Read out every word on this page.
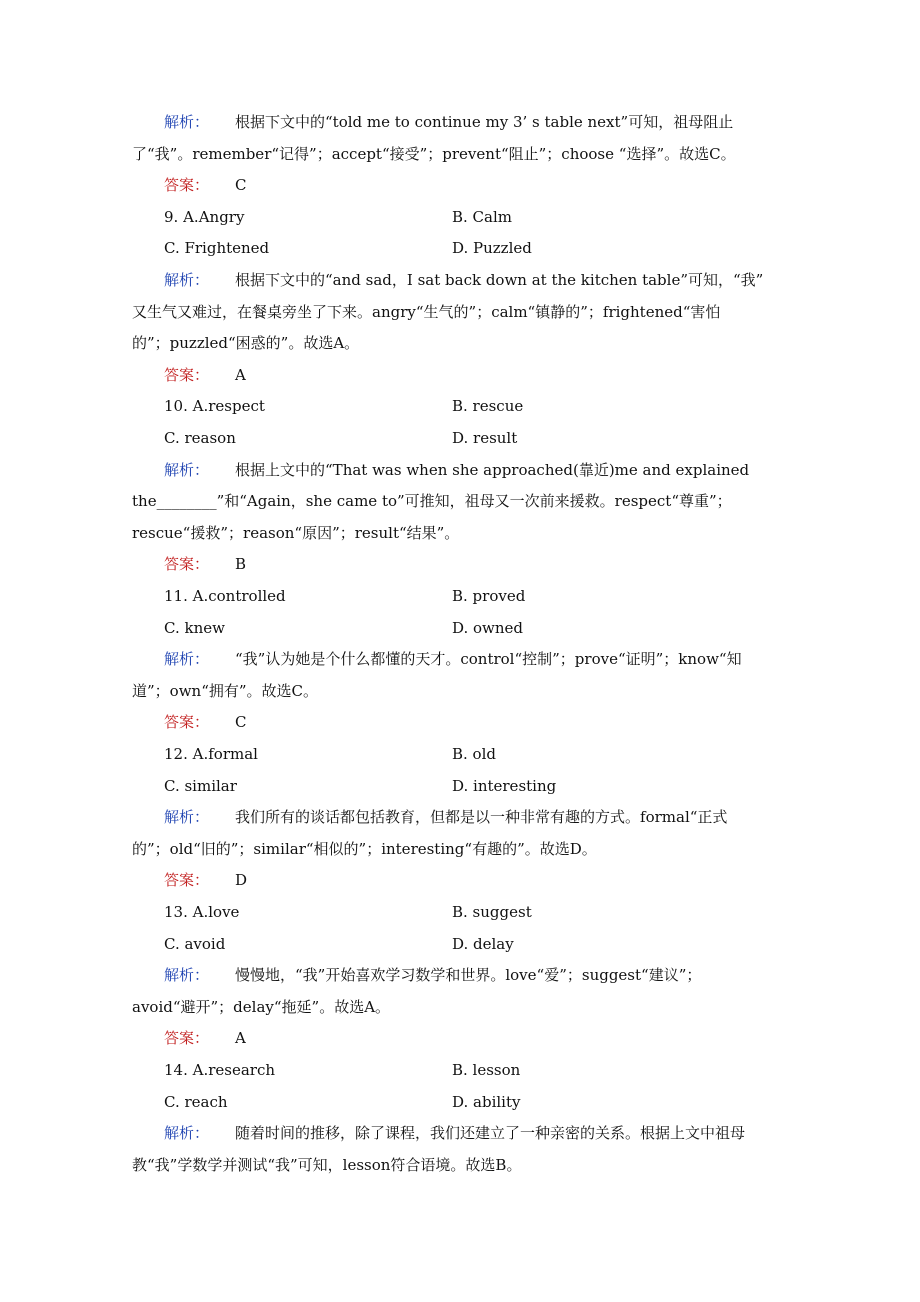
解析： 根据下文中的“told me to continue my 3’ s table next”可知，祖母阻止
了“我”。remember“记得”；accept“接受”；prevent“阻止”；choose “选择”。故选C。
答案： C
9. A.Angry	B. Calm
C. Frightened	D. Puzzled
解析： 根据下文中的“and sad，I sat back down at the kitchen table”可知，“我”
又生气又难过，在餐桌旁坐了下来。angry“生气的”；calm“镇静的”；frightened“害怕
的”；puzzled“困惑的”。故选A。
答案： A
10. A.respect	B. rescue
C. reason	D. result
解析： 根据上文中的“That was when she approached(靠近)me and explained
the________”和“Again，she came to”可推知，祖母又一次前来援救。respect“尊重”；
rescue“援救”；reason“原因”；result“结果”。
答案： B
11. A.controlled	B. proved
C. knew	D. owned
解析： “我”认为她是个什么都懂的天才。control“控制”；prove“证明”；know“知
道”；own“拥有”。故选C。
答案： C
12. A.formal	B. old
C. similar	D. interesting
解析： 我们所有的谈话都包括教育，但都是以一种非常有趣的方式。formal“正式
的”；old“旧的”；similar“相似的”；interesting“有趣的”。故选D。
答案： D
13. A.love	B. suggest
C. avoid	D. delay
解析： 慢慢地，“我”开始喜欢学习数学和世界。love“爱”；suggest“建议”；
avoid“避开”；delay“拖延”。故选A。
答案： A
14. A.research	B. lesson
C. reach	D. ability
解析： 随着时间的推移，除了课程，我们还建立了一种亲密的关系。根据上文中祖母
教“我”学数学并测试“我”可知，lesson符合语境。故选B。
